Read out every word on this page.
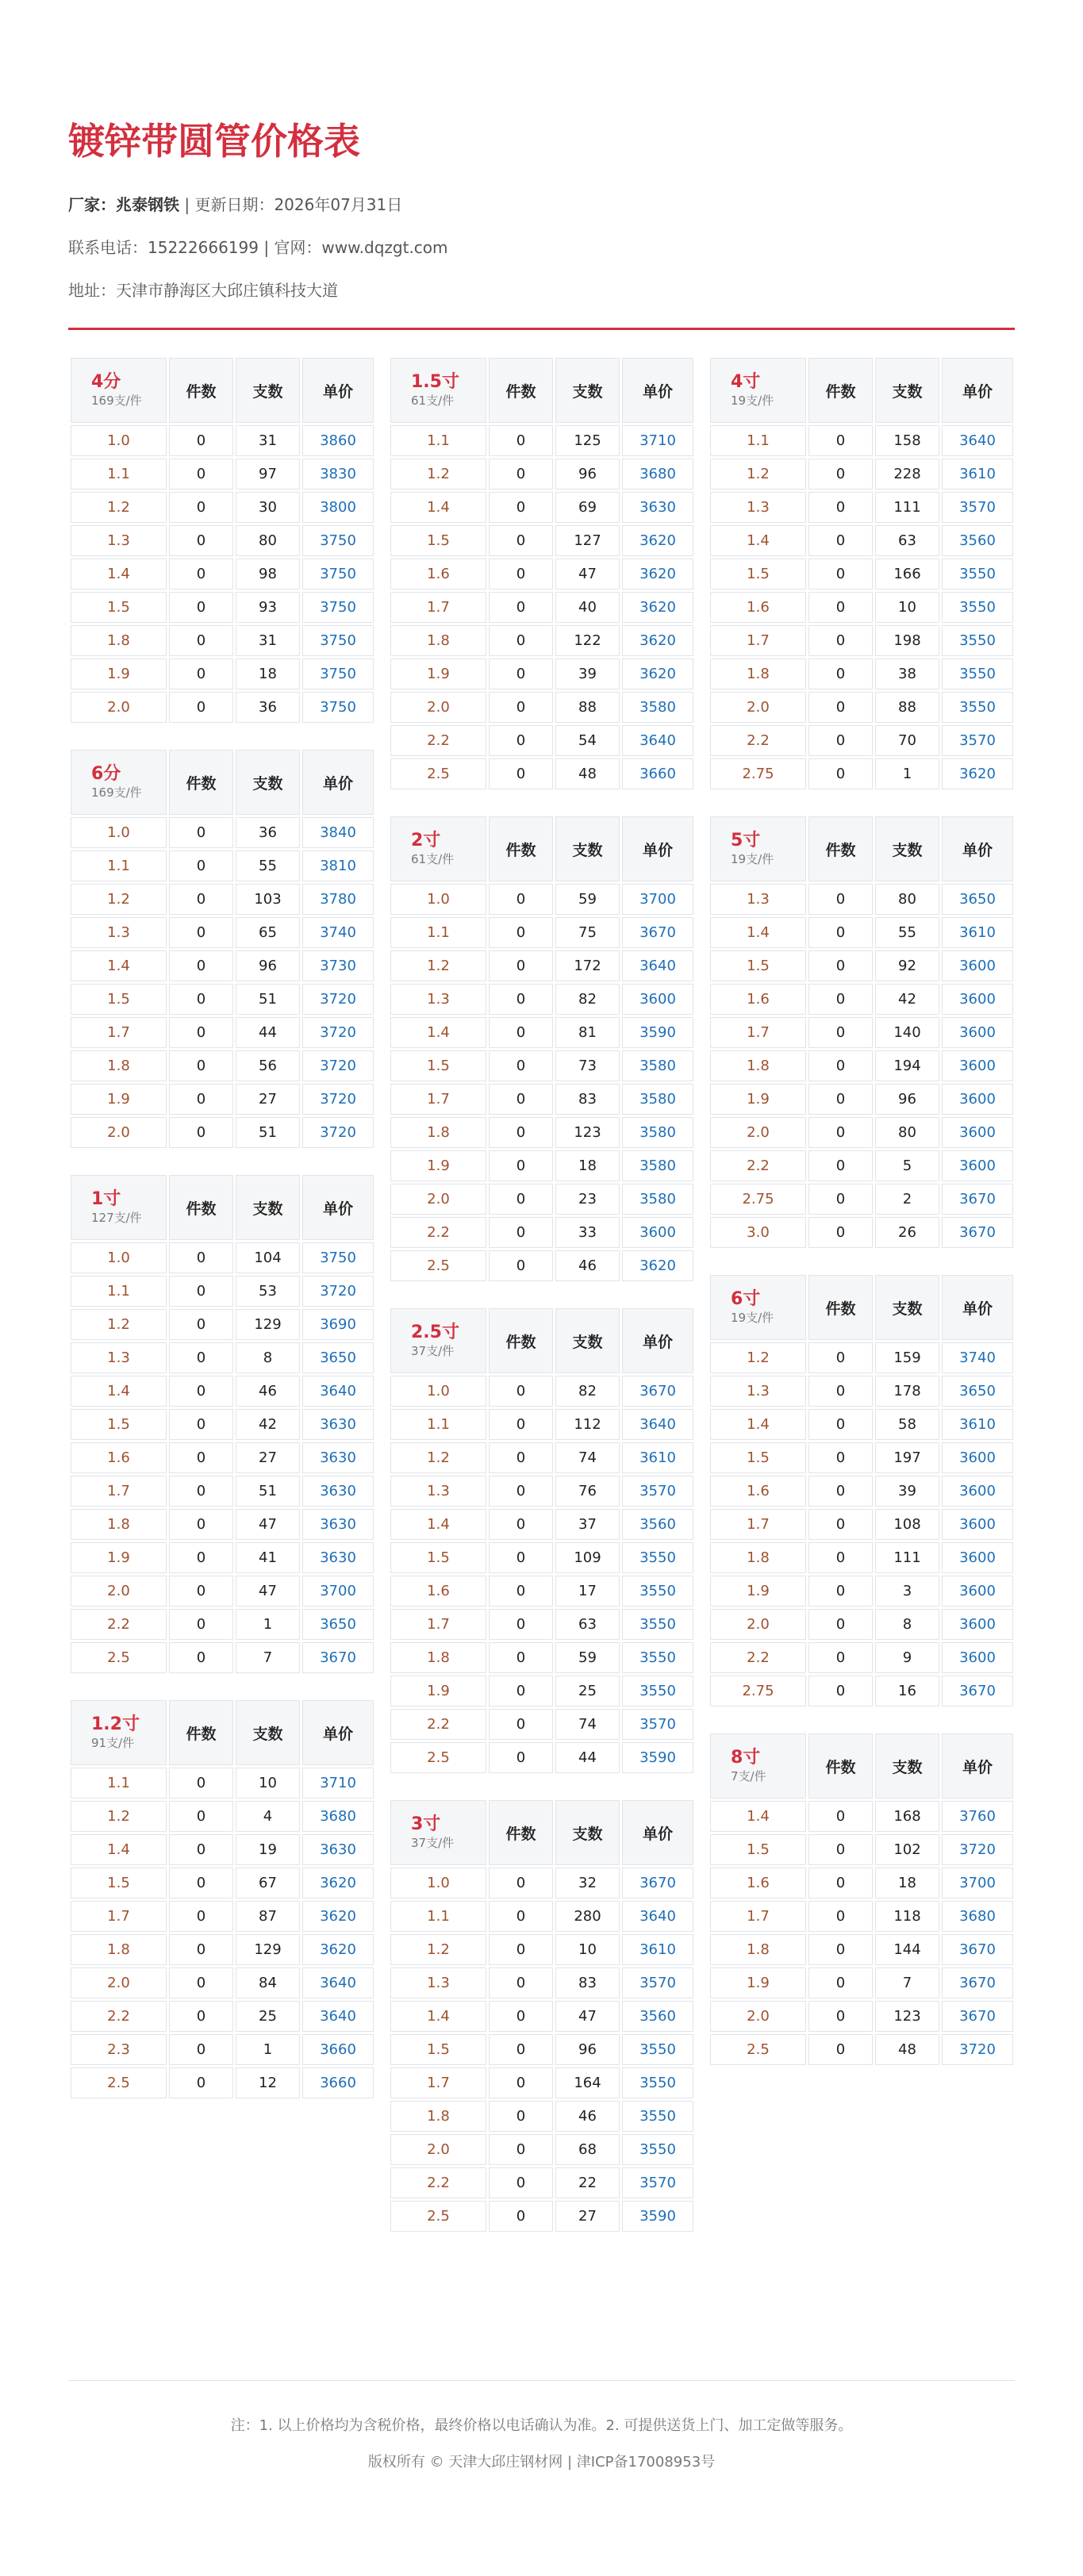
镀锌带圆管价格表

厂家：兆泰钢铁 | 更新日期：2026年07月31日

联系电话：15222666199 | 官网：www.dqzgt.com

地址：天津市静海区大邱庄镇科技大道

4分
169支/件	件数	支数	单价
1.0	0	31	3860
1.1	0	97	3830
1.2	0	30	3800
1.3	0	80	3750
1.4	0	98	3750
1.5	0	93	3750
1.8	0	31	3750
1.9	0	18	3750
2.0	0	36	3750
6分
169支/件	件数	支数	单价
1.0	0	36	3840
1.1	0	55	3810
1.2	0	103	3780
1.3	0	65	3740
1.4	0	96	3730
1.5	0	51	3720
1.7	0	44	3720
1.8	0	56	3720
1.9	0	27	3720
2.0	0	51	3720
1寸
127支/件	件数	支数	单价
1.0	0	104	3750
1.1	0	53	3720
1.2	0	129	3690
1.3	0	8	3650
1.4	0	46	3640
1.5	0	42	3630
1.6	0	27	3630
1.7	0	51	3630
1.8	0	47	3630
1.9	0	41	3630
2.0	0	47	3700
2.2	0	1	3650
2.5	0	7	3670
1.2寸
91支/件	件数	支数	单价
1.1	0	10	3710
1.2	0	4	3680
1.4	0	19	3630
1.5	0	67	3620
1.7	0	87	3620
1.8	0	129	3620
2.0	0	84	3640
2.2	0	25	3640
2.3	0	1	3660
2.5	0	12	3660
1.5寸
61支/件	件数	支数	单价
1.1	0	125	3710
1.2	0	96	3680
1.4	0	69	3630
1.5	0	127	3620
1.6	0	47	3620
1.7	0	40	3620
1.8	0	122	3620
1.9	0	39	3620
2.0	0	88	3580
2.2	0	54	3640
2.5	0	48	3660
2寸
61支/件	件数	支数	单价
1.0	0	59	3700
1.1	0	75	3670
1.2	0	172	3640
1.3	0	82	3600
1.4	0	81	3590
1.5	0	73	3580
1.7	0	83	3580
1.8	0	123	3580
1.9	0	18	3580
2.0	0	23	3580
2.2	0	33	3600
2.5	0	46	3620
2.5寸
37支/件	件数	支数	单价
1.0	0	82	3670
1.1	0	112	3640
1.2	0	74	3610
1.3	0	76	3570
1.4	0	37	3560
1.5	0	109	3550
1.6	0	17	3550
1.7	0	63	3550
1.8	0	59	3550
1.9	0	25	3550
2.2	0	74	3570
2.5	0	44	3590
3寸
37支/件	件数	支数	单价
1.0	0	32	3670
1.1	0	280	3640
1.2	0	10	3610
1.3	0	83	3570
1.4	0	47	3560
1.5	0	96	3550
1.7	0	164	3550
1.8	0	46	3550
2.0	0	68	3550
2.2	0	22	3570
2.5	0	27	3590
4寸
19支/件	件数	支数	单价
1.1	0	158	3640
1.2	0	228	3610
1.3	0	111	3570
1.4	0	63	3560
1.5	0	166	3550
1.6	0	10	3550
1.7	0	198	3550
1.8	0	38	3550
2.0	0	88	3550
2.2	0	70	3570
2.75	0	1	3620
5寸
19支/件	件数	支数	单价
1.3	0	80	3650
1.4	0	55	3610
1.5	0	92	3600
1.6	0	42	3600
1.7	0	140	3600
1.8	0	194	3600
1.9	0	96	3600
2.0	0	80	3600
2.2	0	5	3600
2.75	0	2	3670
3.0	0	26	3670
6寸
19支/件	件数	支数	单价
1.2	0	159	3740
1.3	0	178	3650
1.4	0	58	3610
1.5	0	197	3600
1.6	0	39	3600
1.7	0	108	3600
1.8	0	111	3600
1.9	0	3	3600
2.0	0	8	3600
2.2	0	9	3600
2.75	0	16	3670
8寸
7支/件	件数	支数	单价
1.4	0	168	3760
1.5	0	102	3720
1.6	0	18	3700
1.7	0	118	3680
1.8	0	144	3670
1.9	0	7	3670
2.0	0	123	3670
2.5	0	48	3720
注：1. 以上价格均为含税价格，最终价格以电话确认为准。2. 可提供送货上门、加工定做等服务。
版权所有 © 天津大邱庄钢材网 | 津ICP备17008953号
